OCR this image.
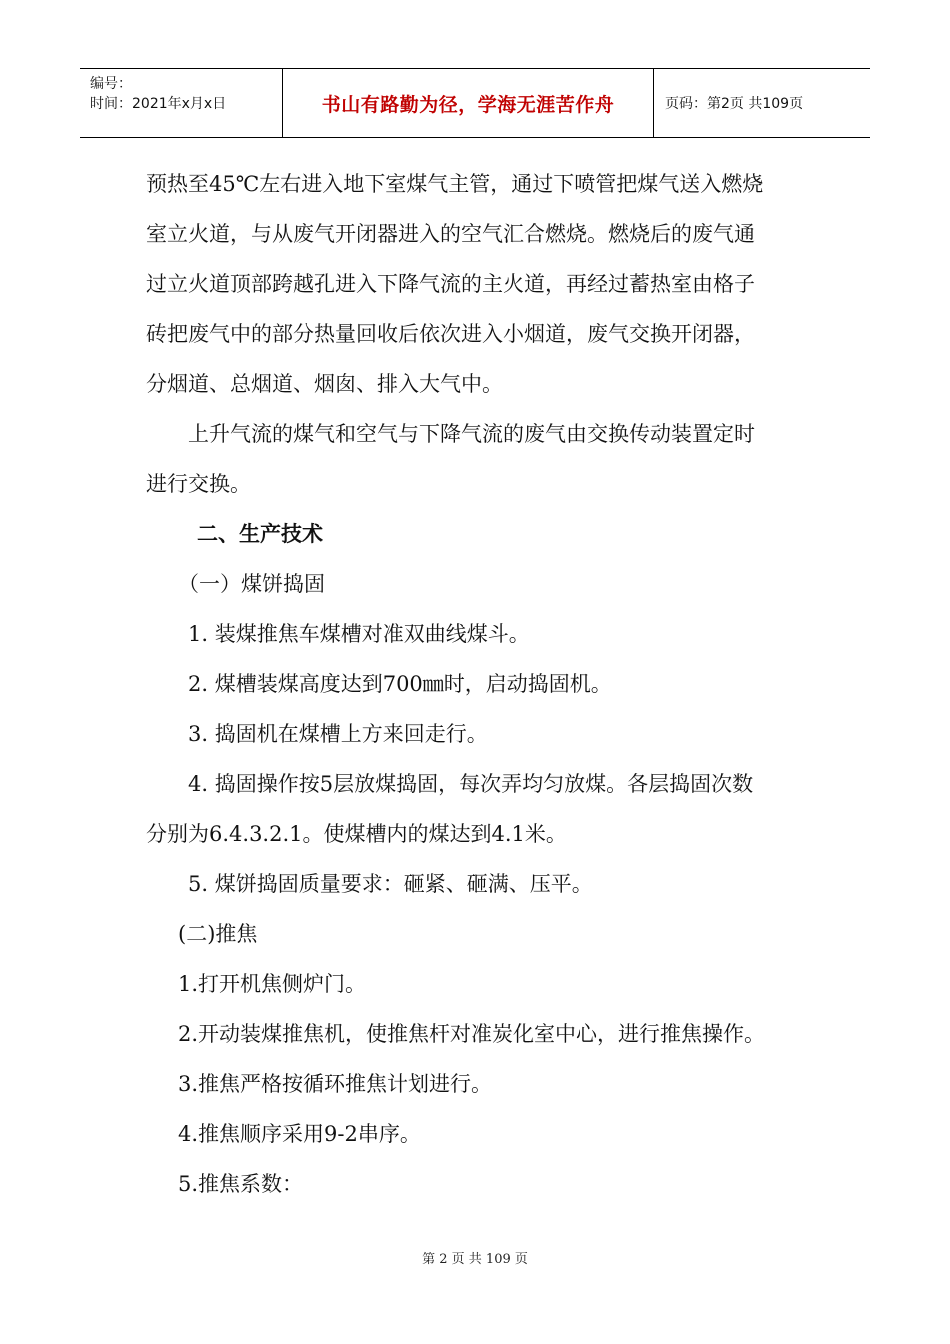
编号：
时间：2021年x月x日	书山有路勤为径，学海无涯苦作舟	页码：第2页 共109页
预热至45℃左右进入地下室煤气主管，通过下喷管把煤气送入燃烧
室立火道，与从废气开闭器进入的空气汇合燃烧。燃烧后的废气通
过立火道顶部跨越孔进入下降气流的主火道，再经过蓄热室由格子
砖把废气中的部分热量回收后依次进入小烟道，废气交换开闭器，
分烟道、总烟道、烟囱、排入大气中。
上升气流的煤气和空气与下降气流的废气由交换传动装置定时
进行交换。
二、生产技术
（一）煤饼捣固
1. 装煤推焦车煤槽对准双曲线煤斗。
2. 煤槽装煤高度达到700㎜时，启动捣固机。
3. 捣固机在煤槽上方来回走行。
4. 捣固操作按5层放煤捣固，每次弄均匀放煤。各层捣固次数
分别为6.4.3.2.1。使煤槽内的煤达到4.1米。
5. 煤饼捣固质量要求：砸紧、砸满、压平。
(二)推焦
1.打开机焦侧炉门。
2.开动装煤推焦机，使推焦杆对准炭化室中心，进行推焦操作。
3.推焦严格按循环推焦计划进行。
4.推焦顺序采用9-2串序。
5.推焦系数：
第 2 页 共 109 页
